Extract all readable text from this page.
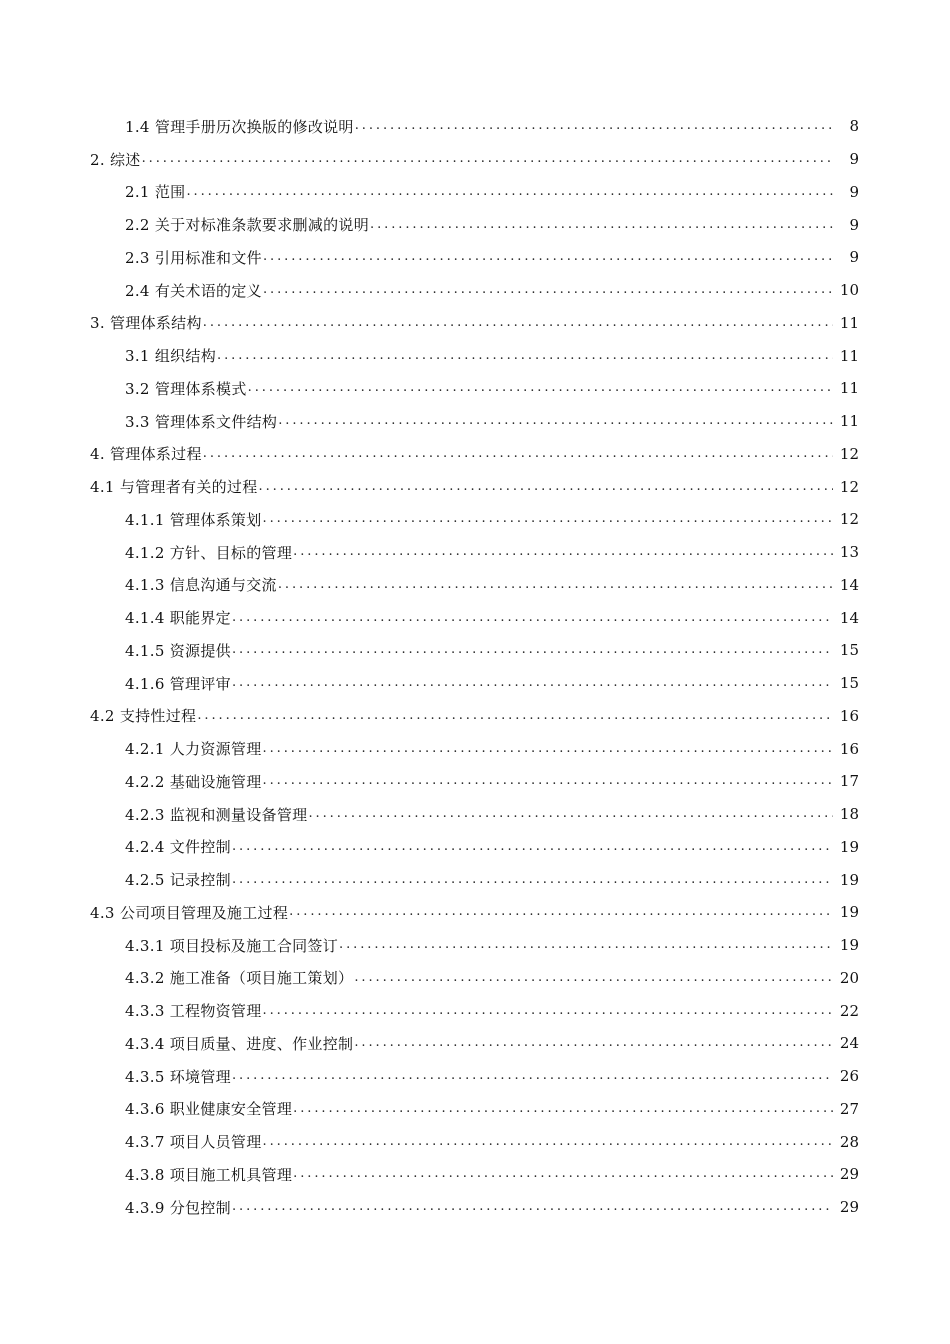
1.4 管理手册历次换版的修改说明 . . .	8
2. 综述 . . .	9
2.1 范围 . . .	9
2.2 关于对标准条款要求删减的说明 . . .	9
2.3 引用标准和文件 . . .	9
2.4 有关术语的定义 . . .	10
3. 管理体系结构 . . .	11
3.1 组织结构 . . .	11
3.2 管理体系模式 . . .	11
3.3 管理体系文件结构 . . .	11
4. 管理体系过程 . . .	12
4.1 与管理者有关的过程 . . .	12
4.1.1 管理体系策划 . . .	12
4.1.2 方针、目标的管理 . . .	13
4.1.3 信息沟通与交流 . . .	14
4.1.4 职能界定 . . .	14
4.1.5 资源提供 . . .	15
4.1.6 管理评审 . . .	15
4.2 支持性过程 . . .	16
4.2.1 人力资源管理 . . .	16
4.2.2 基础设施管理 . . .	17
4.2.3 监视和测量设备管理 . . .	18
4.2.4 文件控制 . . .	19
4.2.5 记录控制 . . .	19
4.3 公司项目管理及施工过程 . . .	19
4.3.1 项目投标及施工合同签订 . . .	19
4.3.2 施工准备（项目施工策划） . . .	20
4.3.3 工程物资管理 . . .	22
4.3.4 项目质量、进度、作业控制 . . .	24
4.3.5 环境管理 . . .	26
4.3.6 职业健康安全管理 . . .	27
4.3.7 项目人员管理 . . .	28
4.3.8 项目施工机具管理 . . .	29
4.3.9 分包控制 . . .	29
